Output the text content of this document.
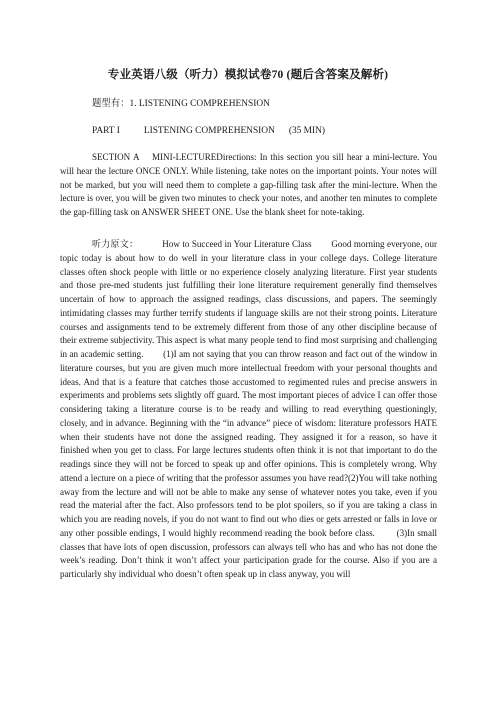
专业英语八级（听力）模拟试卷70 (题后含答案及解析)
题型有：1. LISTENING COMPREHENSION
PART I	LISTENING COMPREHENSION (35 MIN)

SECTION A    MINI-LECTUREDirections: In this section you sill hear a mini-lecture. You will hear the lecture ONCE ONLY. While listening, take notes on the important points. Your notes will not be marked, but you will need them to complete a gap-filling task after the mini-lecture. When the lecture is over, you will be given two minutes to check your notes, and another ten minutes to complete the gap-filling task on ANSWER SHEET ONE. Use the blank sheet for note-taking.

听力原文：	How to Succeed in Your Literature Class Good morning everyone, our topic today is about how to do well in your literature class in your college days. College literature classes often shock people with little or no experience closely analyzing literature. First year students and those pre-med students just fulfilling their lone literature requirement generally find themselves uncertain of how to approach the assigned readings, class discussions, and papers. The seemingly intimidating classes may further terrify students if language skills are not their strong points. Literature courses and assignments tend to be extremely different from those of any other discipline because of their extreme subjectivity. This aspect is what many people tend to find most surprising and challenging in an academic setting.        (1)I am not saying that you can throw reason and fact out of the window in literature courses, but you are given much more intellectual freedom with your personal thoughts and ideas. And that is a feature that catches those accustomed to regimented rules and precise answers in experiments and problems sets slightly off guard. The most important pieces of advice I can offer those considering taking a literature course is to be ready and willing to read everything questioningly, closely, and in advance. Beginning with the “in advance” piece of wisdom: literature professors HATE when their students have not done the assigned reading. They assigned it for a reason, so have it finished when you get to class. For large lectures students often think it is not that important to do the readings since they will not be forced to speak up and offer opinions. This is completely wrong. Why attend a lecture on a piece of writing that the professor assumes you have read?(2)You will take nothing away from the lecture and will not be able to make any sense of whatever notes you take, even if you read the material after the fact. Also professors tend to be plot spoilers, so if you are taking a class in which you are reading novels, if you do not want to find out who dies or gets arrested or falls in love or any other possible endings, I would highly recommend reading the book before class.        (3)In small classes that have lots of open discussion, professors can always tell who has and who has not done the week’s reading. Don’t think it won’t affect your participation grade for the course. Also if you are a particularly shy individual who doesn’t often speak up in class anyway, you will
